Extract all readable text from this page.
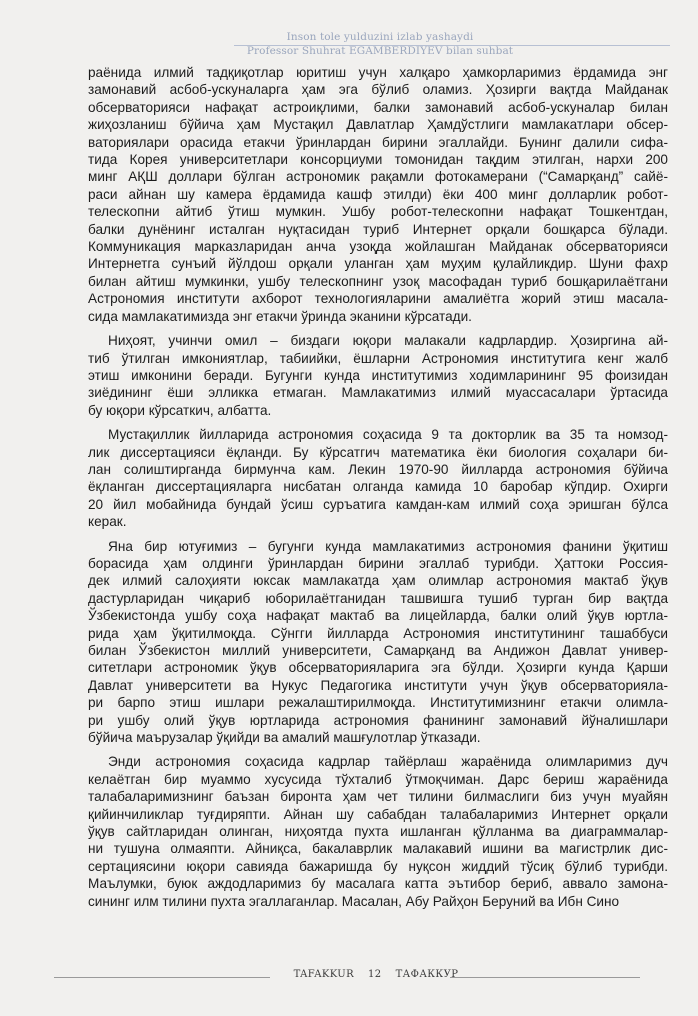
Inson tole yulduzini izlab yashaydi
Professor Shuhrat EGAMBERDIYEV bilan suhbat
раёнида илмий тадқиқотлар юритиш учун халқаро ҳамкорларимиз ёрдамида энг
замонавий асбоб-ускуналарга ҳам эга бўлиб оламиз. Ҳозирги вақтда Майданак
обсерваторияси нафақат астроиқлими, балки замонавий асбоб-ускуналар билан
жиҳозланиш бўйича ҳам Мустақил Давлатлар Ҳамдўстлиги мамлакатлари обсер-
ваториялари орасида етакчи ўринлардан бирини эгаллайди. Бунинг далили сифа-
тида Корея университетлари консорциуми томонидан тақдим этилган, нархи 200
минг АҚШ доллари бўлган астрономик рақамли фотокамерани (“Самарқанд” сайё-
раси айнан шу камера ёрдамида кашф этилди) ёки 400 минг долларлик робот-
телескопни айтиб ўтиш мумкин. Ушбу робот-телескопни нафақат Тошкентдан,
балки дунёнинг исталган нуқтасидан туриб Интернет орқали бошқарса бўлади.
Коммуникация марказларидан анча узоқда жойлашган Майданак обсерваторияси
Интернетга сунъий йўлдош орқали уланган ҳам муҳим қулайликдир. Шуни фахр
билан айтиш мумкинки, ушбу телескопнинг узоқ масофадан туриб бошқарилаётгани
Астрономия институти ахборот технологияларини амалиётга жорий этиш масала-
сида мамлакатимизда энг етакчи ўринда эканини кўрсатади.
Ниҳоят, учинчи омил – биздаги юқори малакали кадрлардир. Ҳозиргина ай-
тиб ўтилган имкониятлар, табиийки, ёшларни Астрономия институтига кенг жалб
этиш имконини беради. Бугунги кунда институтимиз ходимларининг 95 фоизидан
зиёдининг ёши элликка етмаган. Мамлакатимиз илмий муассасалари ўртасида
бу юқори кўрсаткич, албатта.
Мустақиллик йилларида астрономия соҳасида 9 та докторлик ва 35 та номзод-
лик диссертацияси ёқланди. Бу кўрсатгич математика ёки биология соҳалари би-
лан солиштирганда бирмунча кам. Лекин 1970-90 йилларда астрономия бўйича
ёқланган диссертацияларга нисбатан олганда камида 10 баробар кўпдир. Охирги
20 йил мобайнида бундай ўсиш суръатига камдан-кам илмий соҳа эришган бўлса
керак.
Яна бир ютуғимиз – бугунги кунда мамлакатимиз астрономия фанини ўқитиш
борасида ҳам олдинги ўринлардан бирини эгаллаб турибди. Ҳаттоки Россия-
дек илмий салоҳияти юксак мамлакатда ҳам олимлар астрономия мактаб ўқув
дастурларидан чиқариб юборилаётганидан ташвишга тушиб турган бир вақтда
Ўзбекистонда ушбу соҳа нафақат мактаб ва лицейларда, балки олий ўқув юртла-
рида ҳам ўқитилмоқда. Сўнгги йилларда Астрономия институтининг ташаббуси
билан Ўзбекистон миллий университети, Самарқанд ва Андижон Давлат универ-
ситетлари астрономик ўқув обсерваторияларига эга бўлди. Ҳозирги кунда Қарши
Давлат университети ва Нукус Педагогика институти учун ўқув обсерваторияла-
ри барпо этиш ишлари режалаштирилмоқда. Институтимизнинг етакчи олимла-
ри ушбу олий ўқув юртларида астрономия фанининг замонавий йўналишлари
бўйича маърузалар ўқийди ва амалий машғулотлар ўтказади.
Энди астрономия соҳасида кадрлар тайёрлаш жараёнида олимларимиз дуч
келаётган бир муаммо хусусида тўхталиб ўтмоқчиман. Дарс бериш жараёнида
талабаларимизнинг баъзан биронта ҳам чет тилини билмаслиги биз учун муайян
қийинчиликлар туғдиряпти. Айнан шу сабабдан талабаларимиз Интернет орқали
ўқув сайтларидан олинган, ниҳоятда пухта ишланган қўлланма ва диаграммалар-
ни тушуна олмаяпти. Айниқса, бакалаврлик малакавий ишини ва магистрлик дис-
сертациясини юқори савияда бажаришда бу нуқсон жиддий тўсиқ бўлиб турибди.
Маълумки, буюк аждодларимиз бу масалага катта эътибор бериб, аввало замона-
сининг илм тилини пухта эгаллаганлар. Масалан, Абу Райҳон Беруний ва Ибн Сино
TAFAKKUR 12 ТАФАККУР
